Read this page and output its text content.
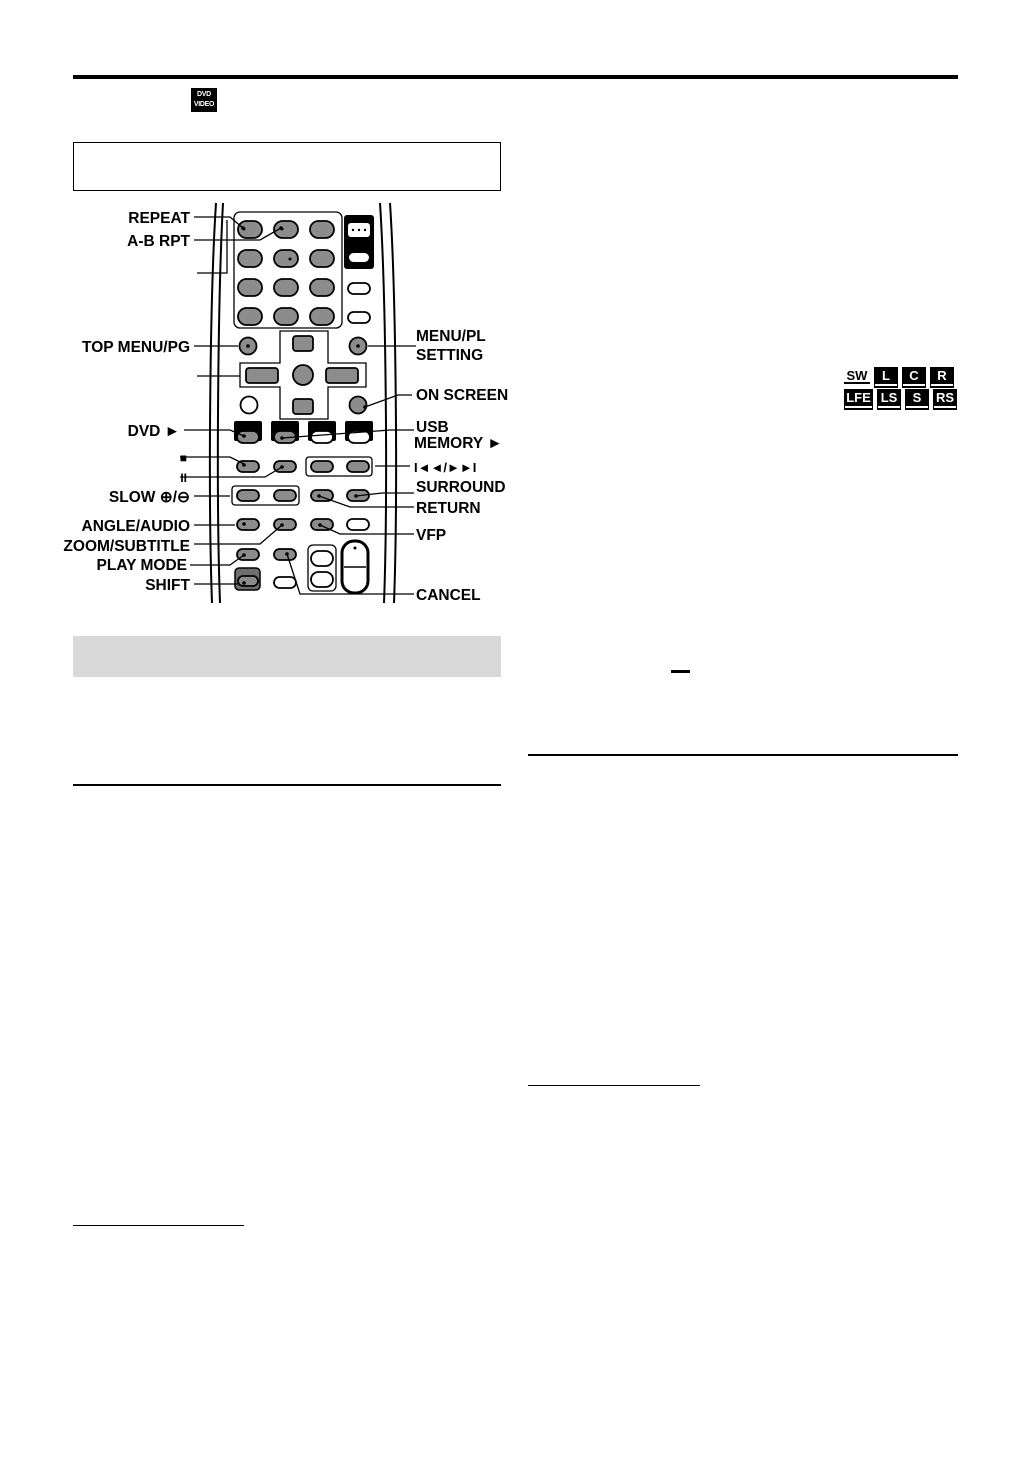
DVD
VIDEO
REPEAT
A-B RPT
TOP MENU/PG
DVD ►
■
II
SLOW ⊕/⊖
ANGLE/AUDIO
ZOOM/SUBTITLE
PLAY MODE
SHIFT
MENU/PL
SETTING
ON SCREEN
USB
MEMORY ►
I◄◄/►►I
SURROUND
RETURN
VFP
CANCEL
SW	L	C	R
LFE LS	S	RS
